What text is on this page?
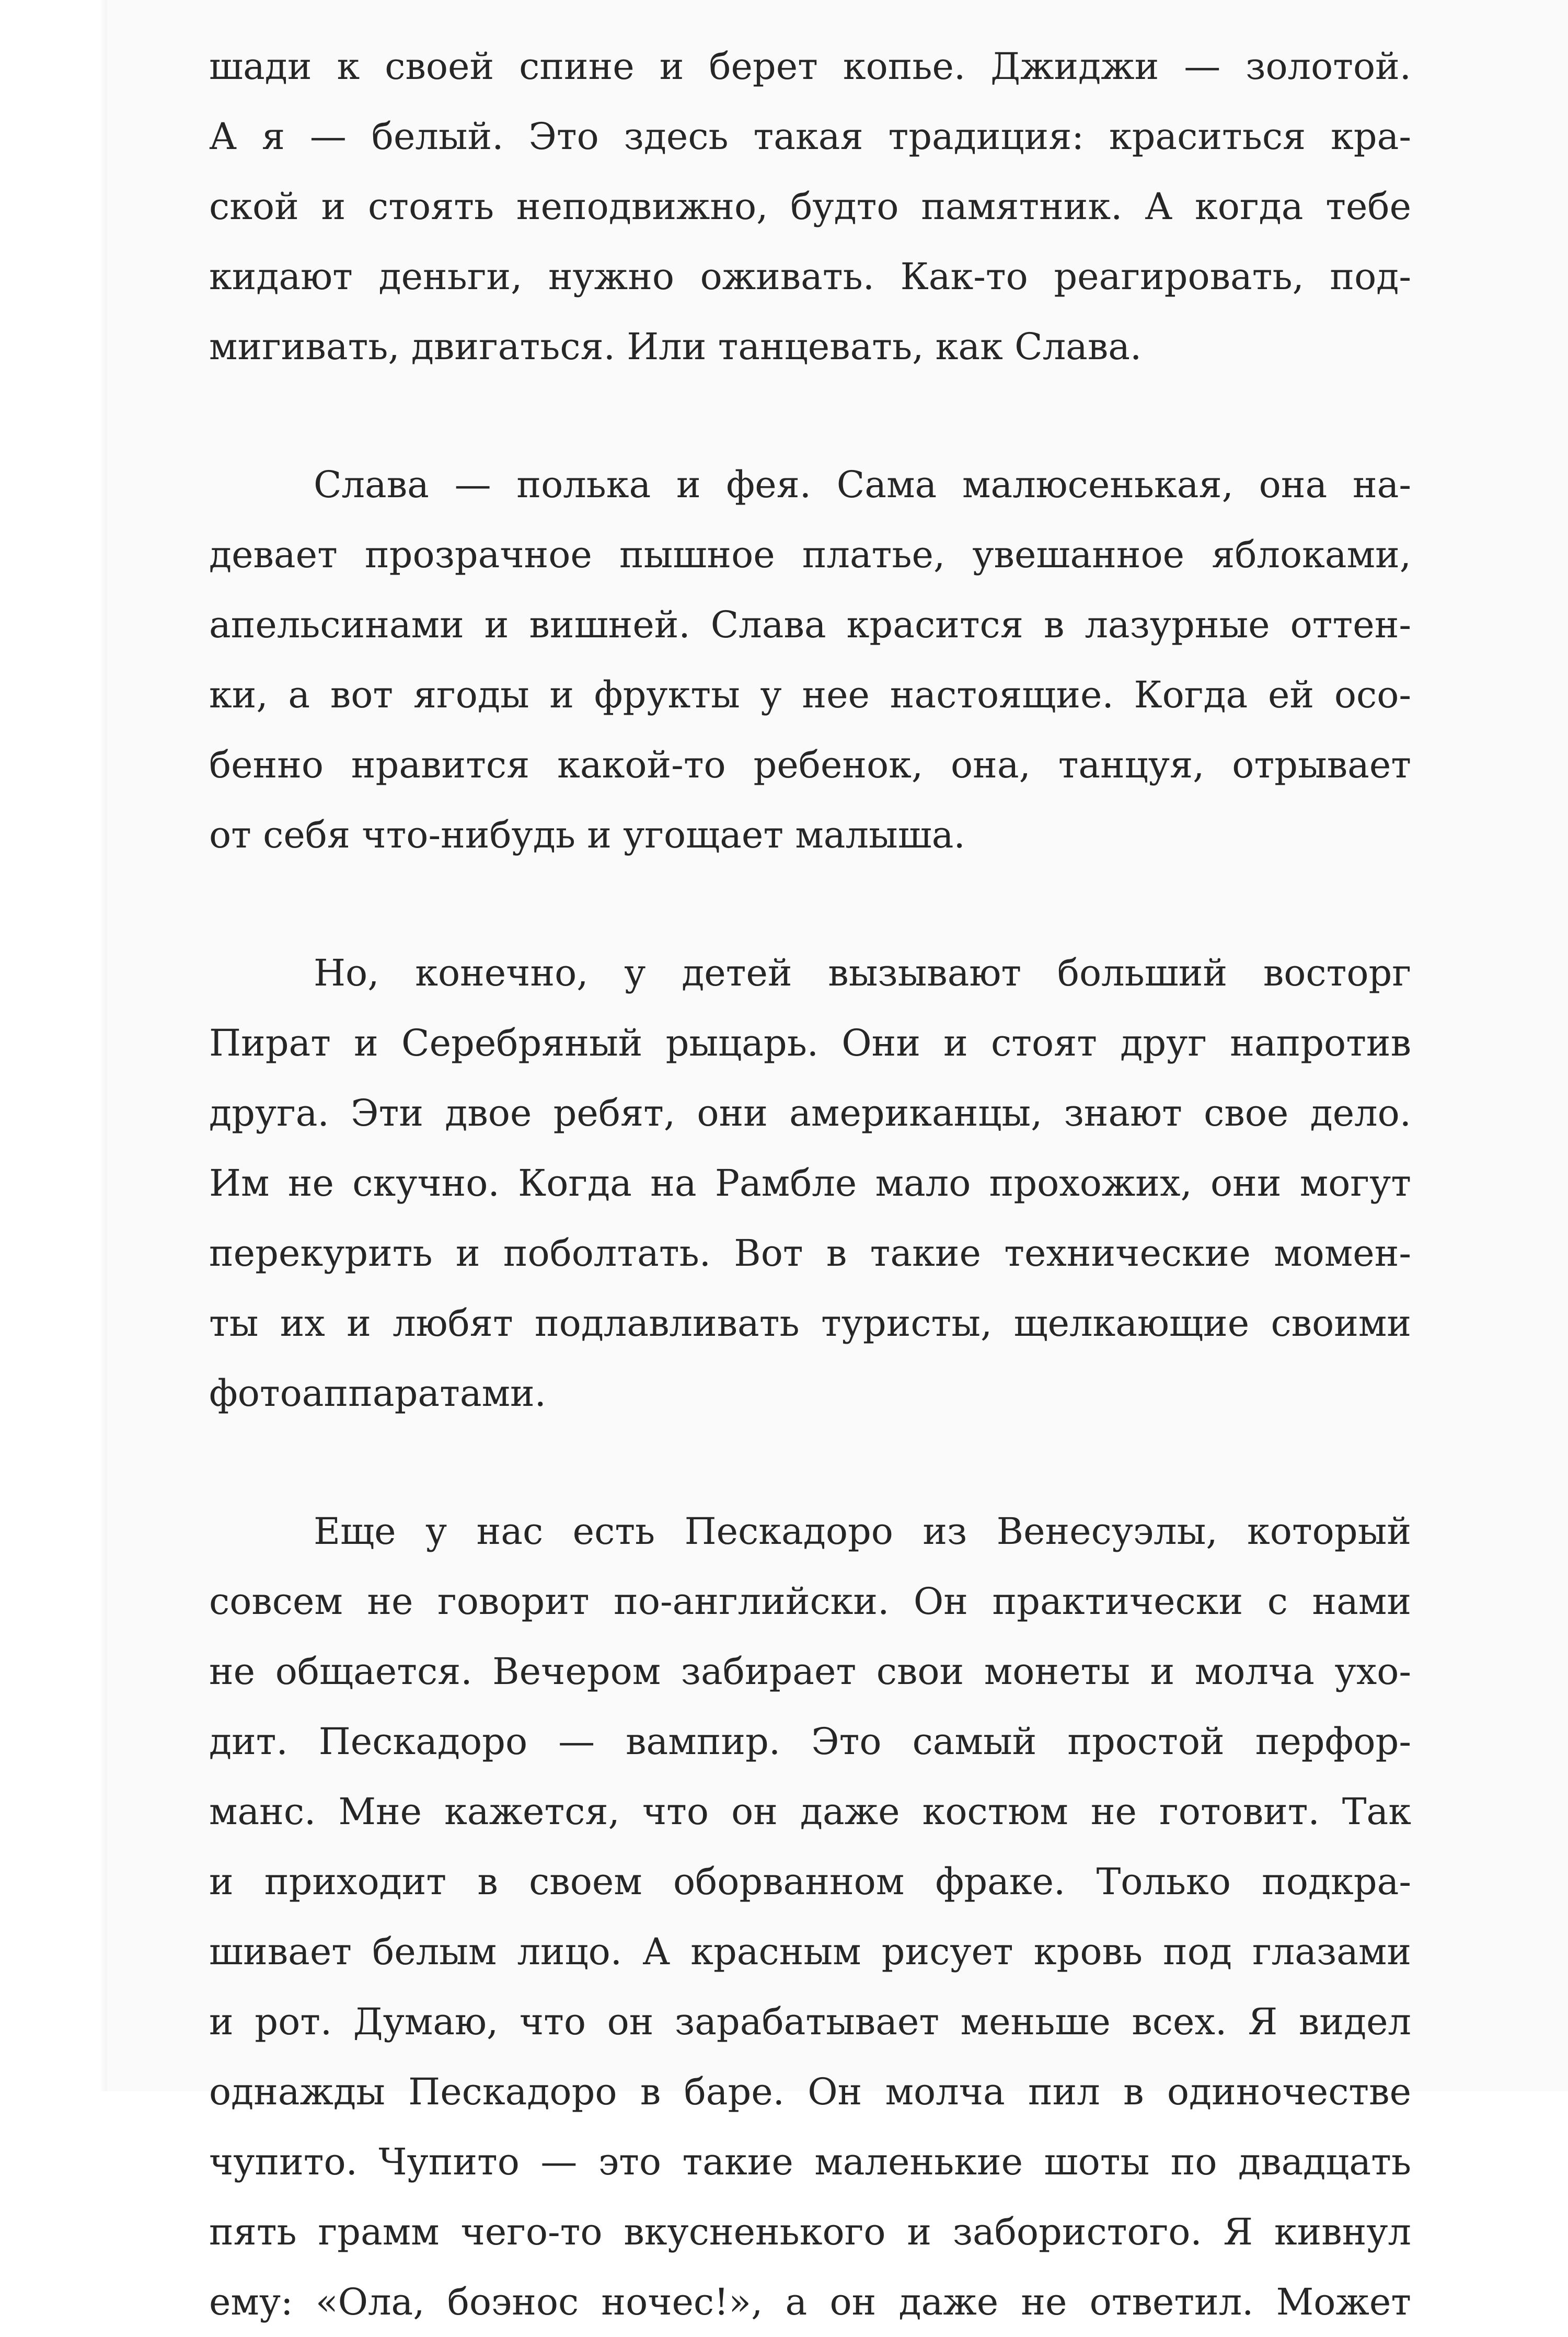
шади к своей спине и берет копье. Джиджи — золотой.
А я — белый. Это здесь такая традиция: краситься кра-
ской и стоять неподвижно, будто памятник. А когда тебе
кидают деньги, нужно оживать. Как-то реагировать, под-
мигивать, двигаться. Или танцевать, как Слава.
Слава — полька и фея. Сама малюсенькая, она на-
девает прозрачное пышное платье, увешанное яблоками,
апельсинами и вишней. Слава красится в лазурные оттен-
ки, а вот ягоды и фрукты у нее настоящие. Когда ей осо-
бенно нравится какой-то ребенок, она, танцуя, отрывает
от себя что-нибудь и угощает малыша.
Но, конечно, у детей вызывают больший восторг
Пират и Серебряный рыцарь. Они и стоят друг напротив
друга. Эти двое ребят, они американцы, знают свое дело.
Им не скучно. Когда на Рамбле мало прохожих, они могут
перекурить и поболтать. Вот в такие технические момен-
ты их и любят подлавливать туристы, щелкающие своими
фотоаппаратами.
Еще у нас есть Пескадоро из Венесуэлы, который
совсем не говорит по-английски. Он практически с нами
не общается. Вечером забирает свои монеты и молча ухо-
дит. Пескадоро — вампир. Это самый простой перфор-
манс. Мне кажется, что он даже костюм не готовит. Так
и приходит в своем оборванном фраке. Только подкра-
шивает белым лицо. А красным рисует кровь под глазами
и рот. Думаю, что он зарабатывает меньше всех. Я видел
однажды Пескадоро в баре. Он молча пил в одиночестве
чупито. Чупито — это такие маленькие шоты по двадцать
пять грамм чего-то вкусненького и забористого. Я кивнул
ему: «Ола, боэнос ночес!», а он даже не ответил. Может
